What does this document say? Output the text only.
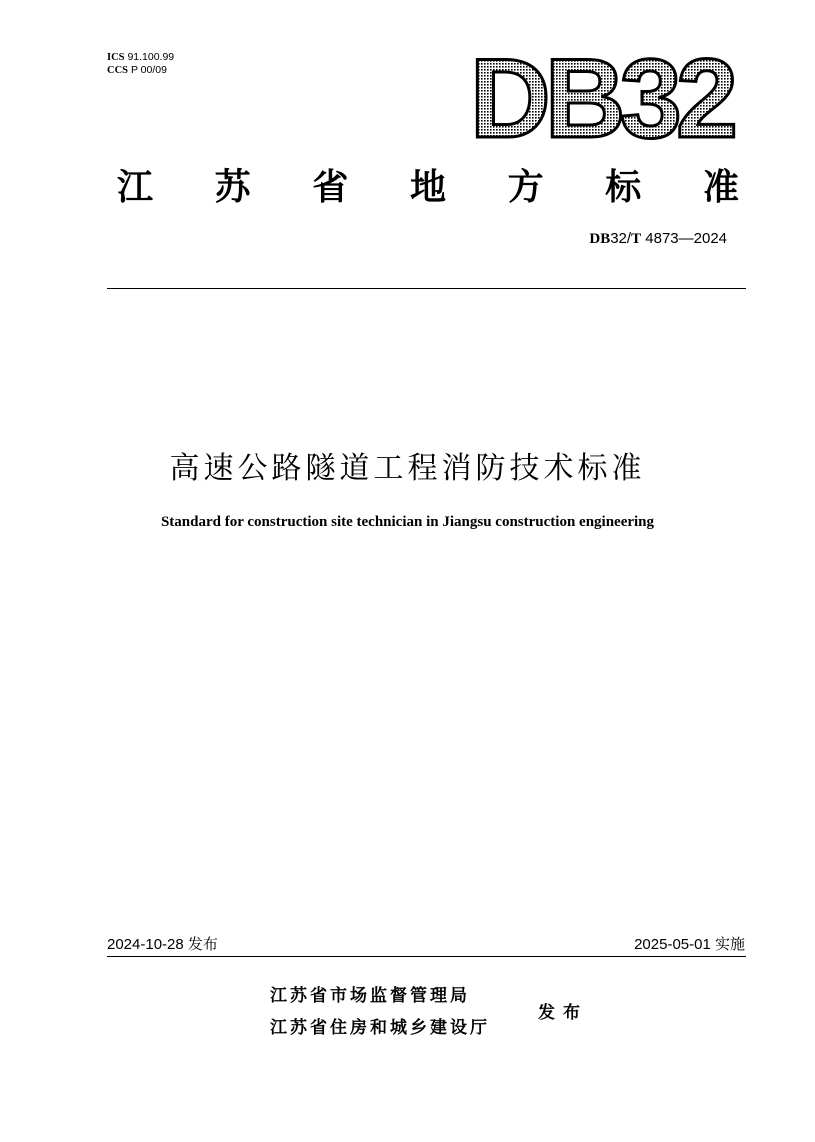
ICS 91.100.99
CCS P 00/09	DB32
江 苏 省 地 方 标 准
DB32/T 4873—2024
高速公路隧道工程消防技术标准
Standard for construction site technician in Jiangsu construction engineering
2024-10-28 发布	2025-05-01 实施
江苏省市场监督管理局
江苏省住房和城乡建设厅
发布
